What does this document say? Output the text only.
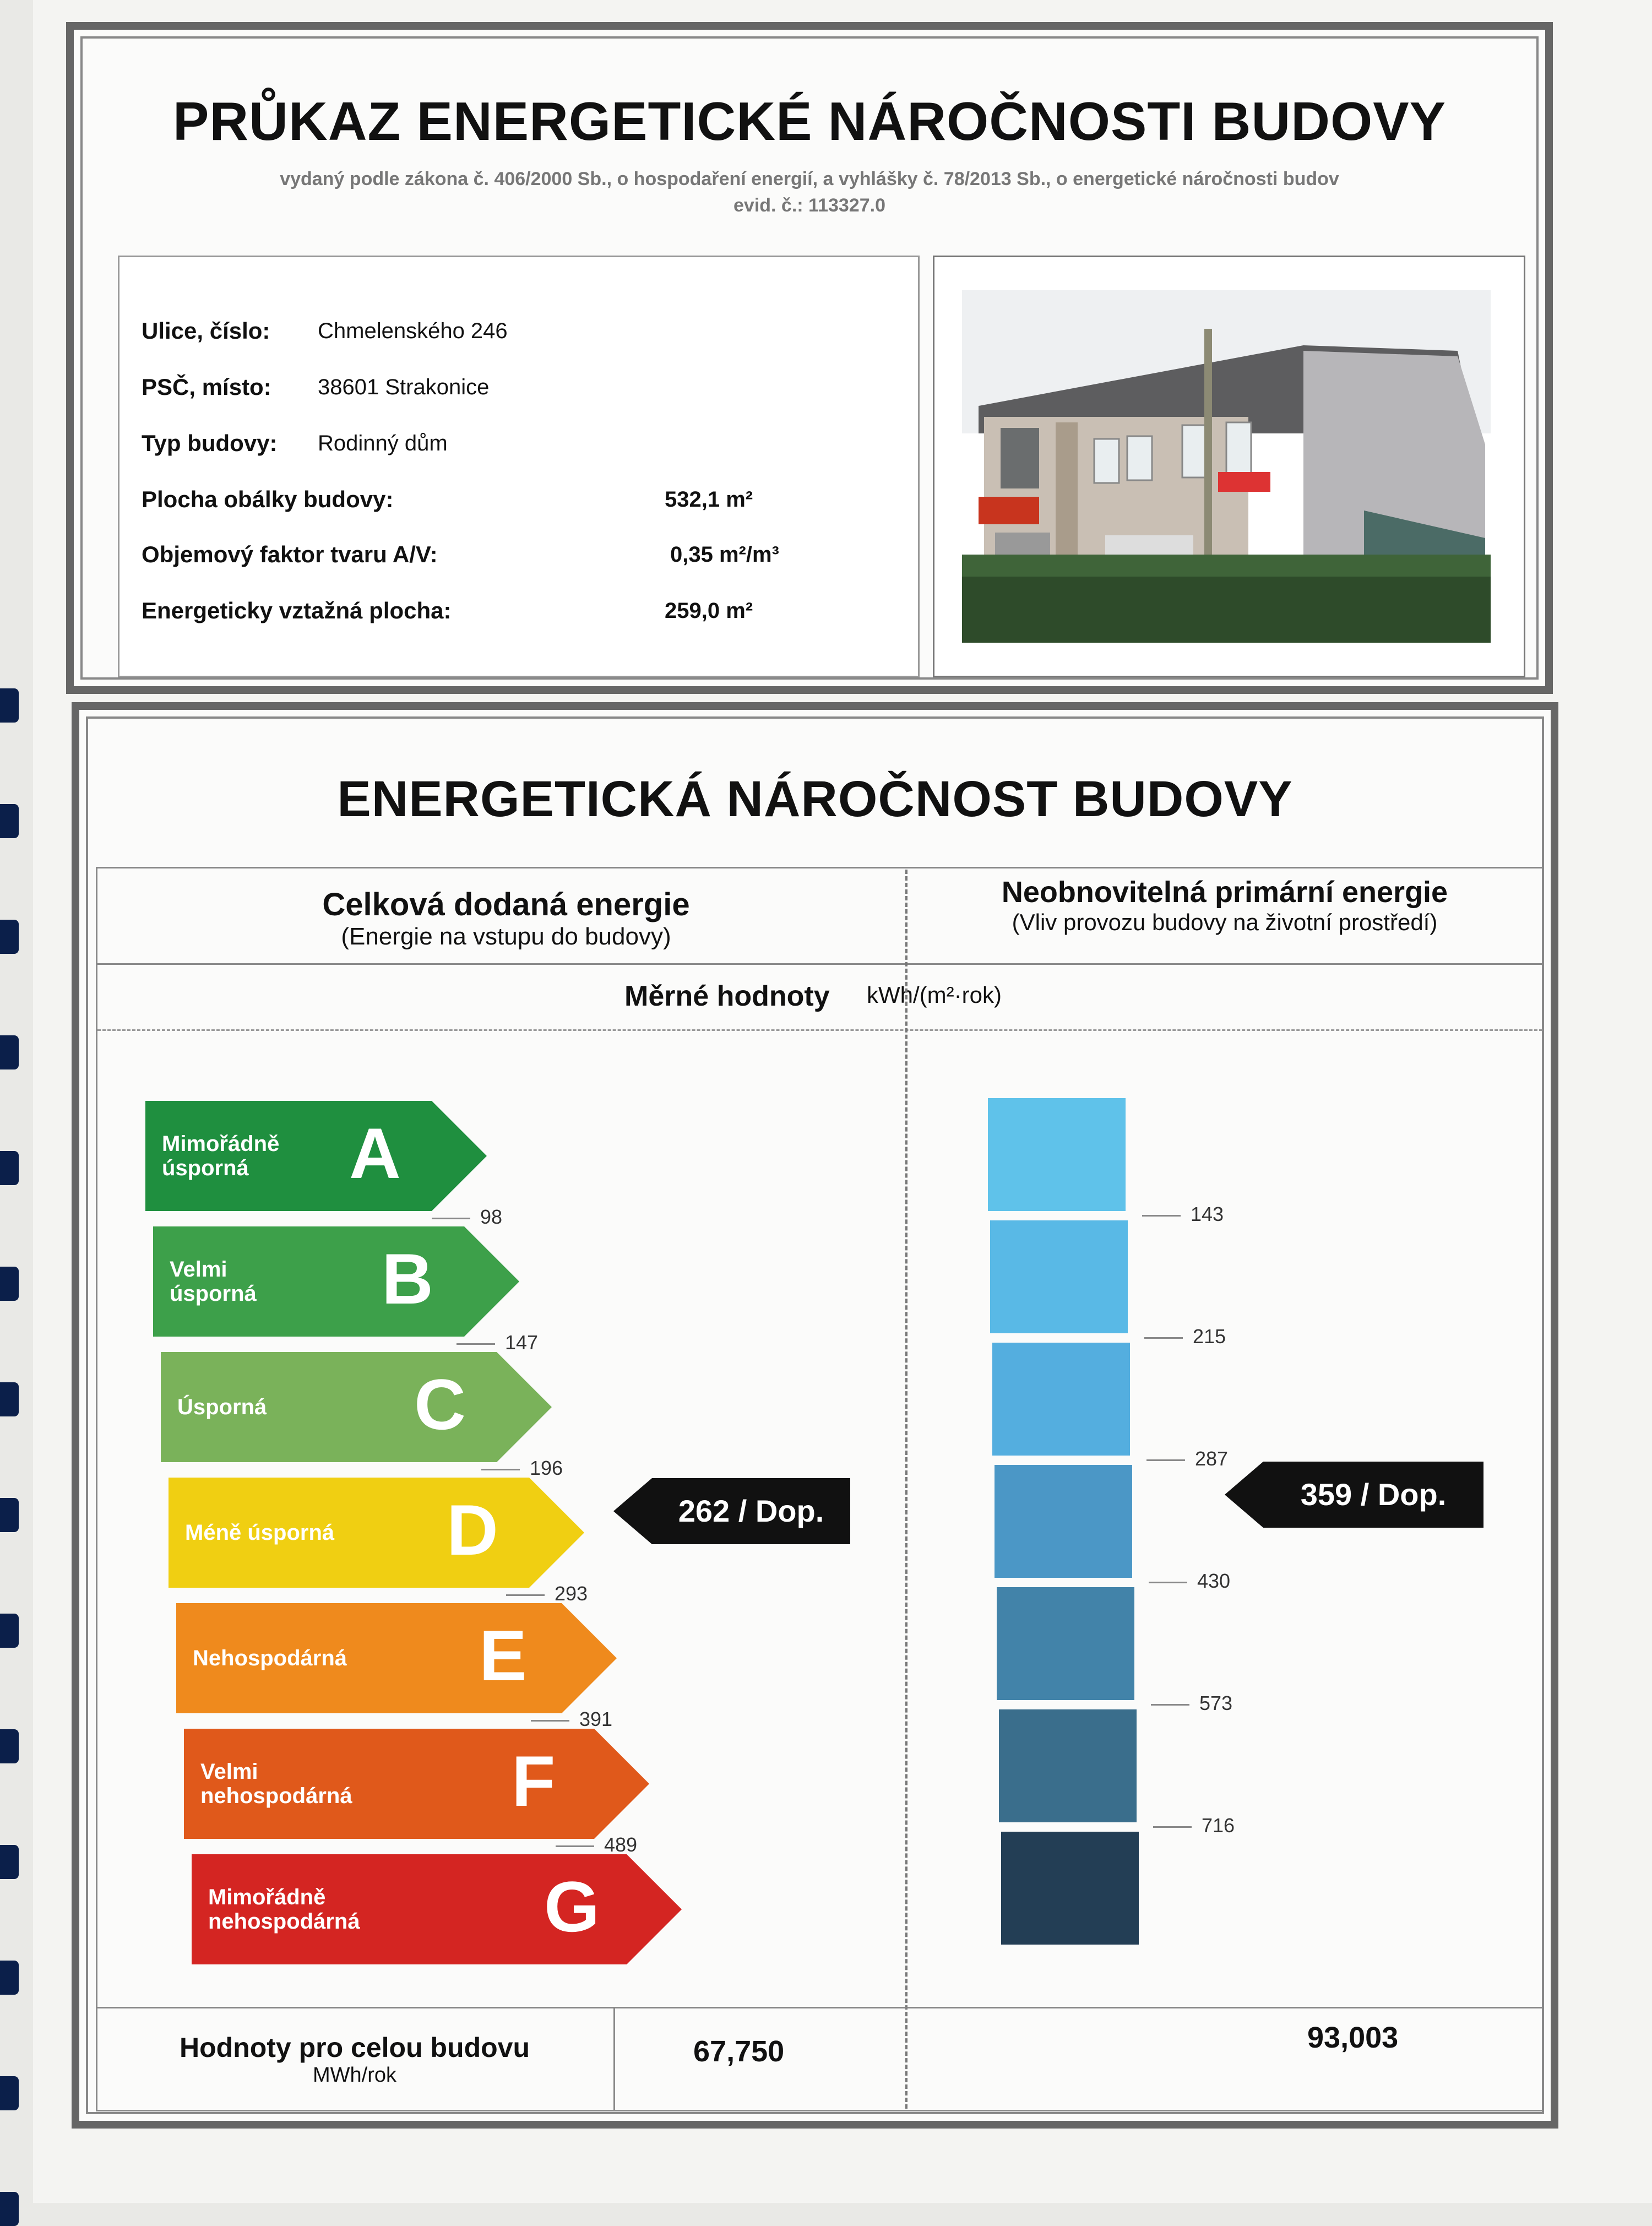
PRŮKAZ ENERGETICKÉ NÁROČNOSTI BUDOVY
vydaný podle zákona č. 406/2000 Sb., o hospodaření energií, a vyhlášky č. 78/2013 Sb., o energetické náročnosti budov
evid. č.: 113327.0
Ulice, číslo: Chmelenského 246
PSČ, místo: 38601 Strakonice
Typ budovy: Rodinný dům
Plocha obálky budovy:	532,1 m²
Objemový faktor tvaru A/V:	0,35 m²/m³
Energeticky vztažná plocha:	259,0 m²
ENERGETICKÁ NÁROČNOST BUDOVY
Celková dodaná energie
(Energie na vstupu do budovy)
Neobnovitelná primární energie
(Vliv provozu budovy na životní prostředí)
Měrné hodnoty kWh/(m²·rok)
Mimořádně
úsporná	A
Velmi
úsporná B
Úsporná C
Méně úsporná D
Nehospodárná E
Velmi
nehospodárná F
Mimořádně
nehospodárná	G
98
147
196
293
391
489
143
215
287
430
573
716
262 / Dop.	359 / Dop.
Hodnoty pro celou budovu
MWh/rok
67,750	93,003
